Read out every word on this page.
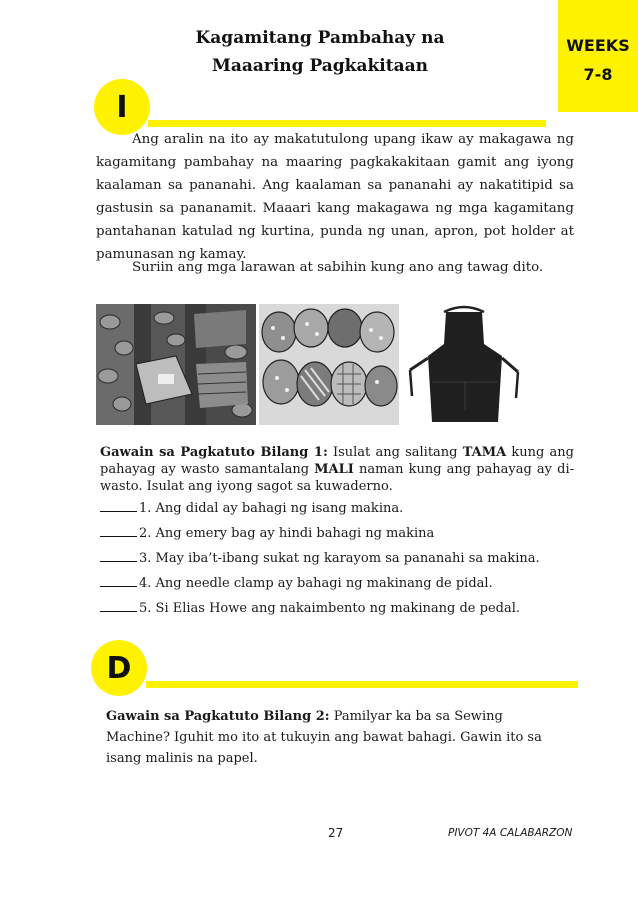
Kagamitang Pambahay na
Maaaring Pagkakitaan
WEEKS
7-8
I
Ang aralin na ito ay makatutulong upang ikaw ay makagawa ng kagamitang pambahay na maaring pagkakakitaan gamit ang iyong kaalaman sa pananahi. Ang kaalaman sa pananahi ay nakatitipid sa gastusin sa pananamit. Maaari kang makagawa ng mga kagamitang pantahanan katulad ng kurtina, punda ng unan, apron, pot holder at pamunasan ng kamay.
Suriin ang mga larawan at sabihin kung ano ang tawag dito.
Gawain sa Pagkatuto Bilang 1: Isulat ang salitang TAMA kung ang pahayag ay wasto samantalang MALI naman kung ang pahayag ay di-wasto. Isulat ang iyong sagot sa kuwaderno.
1. Ang didal ay bahagi ng isang makina.
2. Ang emery bag ay hindi bahagi ng makina
3. May iba’t-ibang sukat ng karayom sa pananahi sa makina.
4. Ang needle clamp ay bahagi ng makinang de pidal.
5. Si Elias Howe ang nakaimbento ng makinang de pedal.
D
Gawain sa Pagkatuto Bilang 2: Pamilyar ka ba sa Sewing Machine? Iguhit mo ito at tukuyin ang bawat bahagi. Gawin ito sa isang malinis na papel.
27	PIVOT 4A CALABARZON
